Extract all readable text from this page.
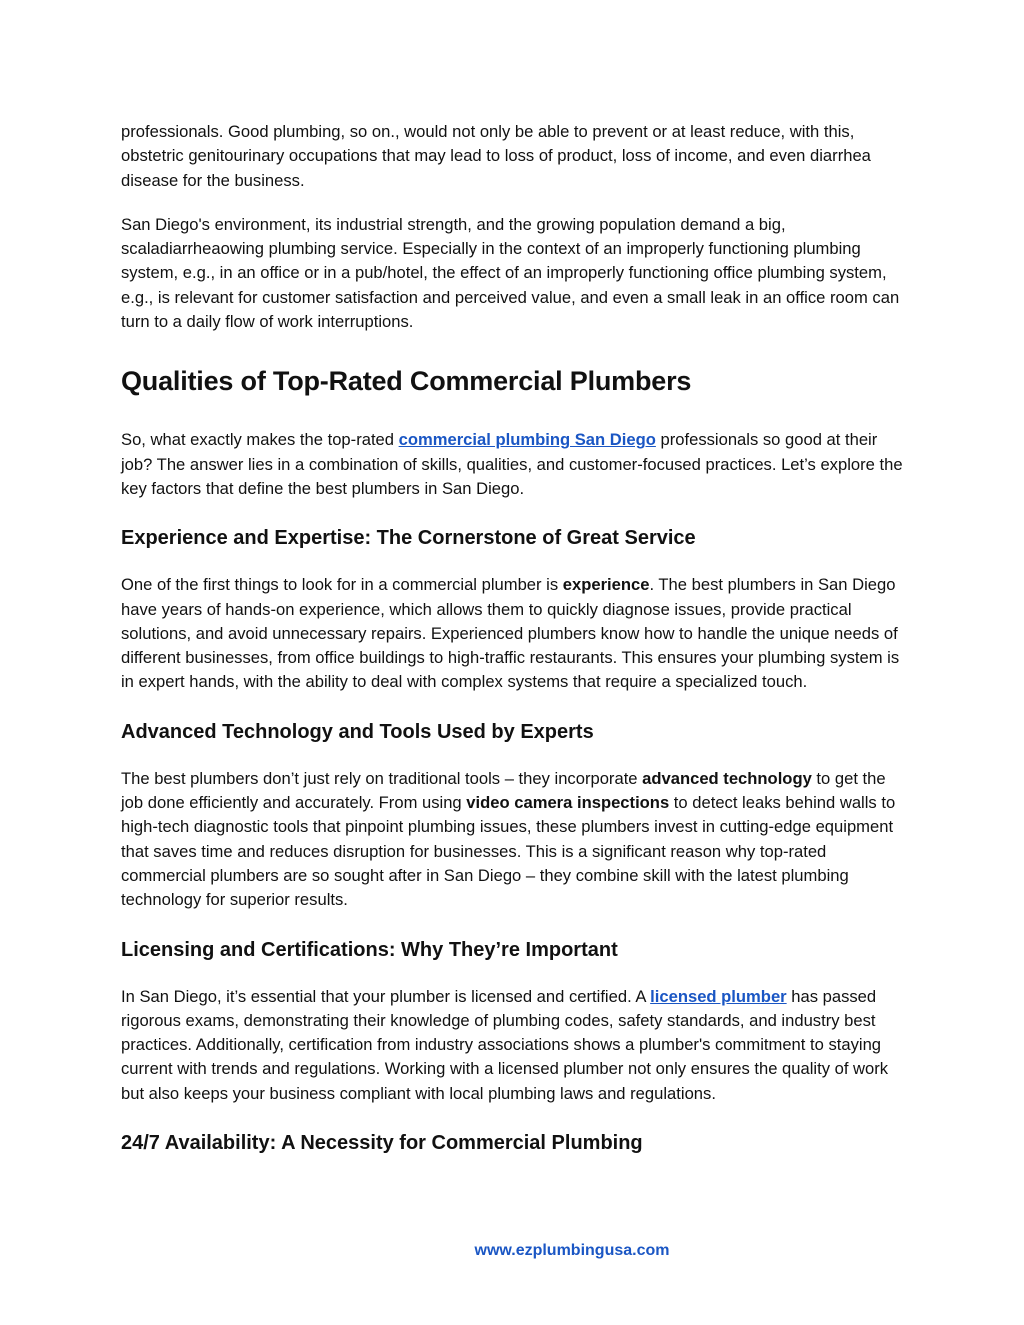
professionals. Good plumbing, so on., would not only be able to prevent or at least reduce, with this, obstetric genitourinary occupations that may lead to loss of product, loss of income, and even diarrhea disease for the business.

San Diego's environment, its industrial strength, and the growing population demand a big, scaladiarrheaowing plumbing service. Especially in the context of an improperly functioning plumbing system, e.g., in an office or in a pub/hotel, the effect of an improperly functioning office plumbing system, e.g., is relevant for customer satisfaction and perceived value, and even a small leak in an office room can turn to a daily flow of work interruptions.

Qualities of Top-Rated Commercial Plumbers

So, what exactly makes the top-rated commercial plumbing San Diego professionals so good at their job? The answer lies in a combination of skills, qualities, and customer-focused practices. Let’s explore the key factors that define the best plumbers in San Diego.

Experience and Expertise: The Cornerstone of Great Service

One of the first things to look for in a commercial plumber is experience. The best plumbers in San Diego have years of hands-on experience, which allows them to quickly diagnose issues, provide practical solutions, and avoid unnecessary repairs. Experienced plumbers know how to handle the unique needs of different businesses, from office buildings to high-traffic restaurants. This ensures your plumbing system is in expert hands, with the ability to deal with complex systems that require a specialized touch.

Advanced Technology and Tools Used by Experts

The best plumbers don’t just rely on traditional tools – they incorporate advanced technology to get the job done efficiently and accurately. From using video camera inspections to detect leaks behind walls to high-tech diagnostic tools that pinpoint plumbing issues, these plumbers invest in cutting-edge equipment that saves time and reduces disruption for businesses. This is a significant reason why top-rated commercial plumbers are so sought after in San Diego – they combine skill with the latest plumbing technology for superior results.

Licensing and Certifications: Why They’re Important

In San Diego, it’s essential that your plumber is licensed and certified. A licensed plumber has passed rigorous exams, demonstrating their knowledge of plumbing codes, safety standards, and industry best practices. Additionally, certification from industry associations shows a plumber's commitment to staying current with trends and regulations. Working with a licensed plumber not only ensures the quality of work but also keeps your business compliant with local plumbing laws and regulations.

24/7 Availability: A Necessity for Commercial Plumbing
www.ezplumbingusa.com
